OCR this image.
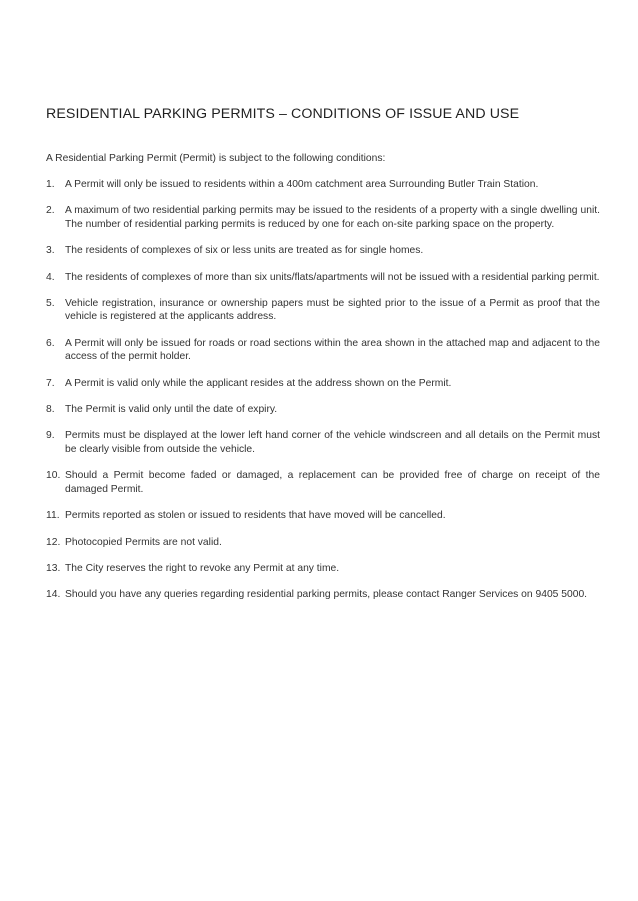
RESIDENTIAL PARKING PERMITS – CONDITIONS OF ISSUE AND USE

A Residential Parking Permit (Permit) is subject to the following conditions:

1.	A Permit will only be issued to residents within a 400m catchment area Surrounding Butler Train Station.
2.	A maximum of two residential parking permits may be issued to the residents of a property with a single dwelling unit. The number of residential parking permits is reduced by one for each on-site parking space on the property.
3.	The residents of complexes of six or less units are treated as for single homes.
4.	The residents of complexes of more than six units/flats/apartments will not be issued with a residential parking permit.
5.	Vehicle registration, insurance or ownership papers must be sighted prior to the issue of a Permit as proof that the vehicle is registered at the applicants address.
6.	A Permit will only be issued for roads or road sections within the area shown in the attached map and adjacent to the access of the permit holder.
7.	A Permit is valid only while the applicant resides at the address shown on the Permit.
8.	The Permit is valid only until the date of expiry.
9.	Permits must be displayed at the lower left hand corner of the vehicle windscreen and all details on the Permit must be clearly visible from outside the vehicle.
10. Should a Permit become faded or damaged, a replacement can be provided free of charge on receipt of the damaged Permit.
11. Permits reported as stolen or issued to residents that have moved will be cancelled.
12. Photocopied Permits are not valid.
13. The City reserves the right to revoke any Permit at any time.
14. Should you have any queries regarding residential parking permits, please contact Ranger Services on 9405 5000.
